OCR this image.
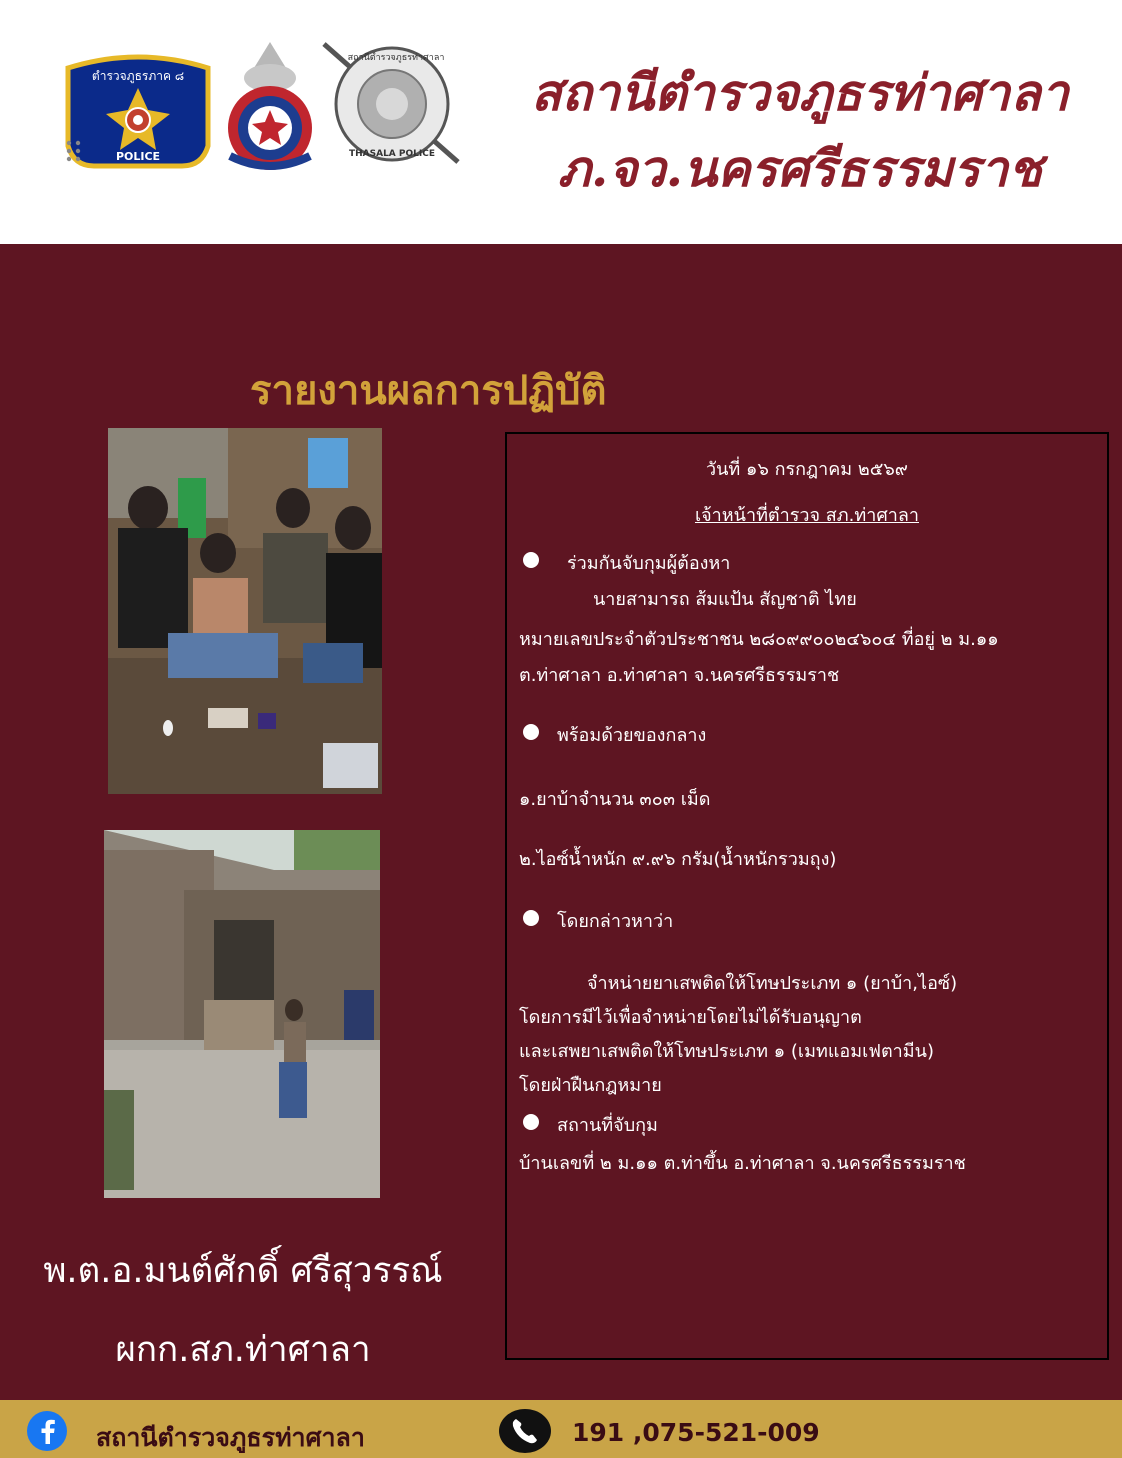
ตำรวจภูธรภาค ๘
POLICE
สถานีตำรวจภูธรท่าศาลา
THASALA POLICE
สถานีตำรวจภูธรท่าศาลา
ภ.จว.นครศรีธรรมราช
รายงานผลการปฏิบัติ
พ.ต.อ.มนต์ศักดิ์ ศรีสุวรรณ์
ผกก.สภ.ท่าศาลา
วันที่ ๑๖ กรกฎาคม ๒๕๖๙
เจ้าหน้าที่ตำรวจ สภ.ท่าศาลา
ร่วมกันจับกุมผู้ต้องหา
นายสามารถ ส้มแป้น สัญชาติ ไทย
หมายเลขประจำตัวประชาชน ๒๘๐๙๙๐๐๒๔๖๐๔ ที่อยู่ ๒ ม.๑๑
ต.ท่าศาลา อ.ท่าศาลา จ.นครศรีธรรมราช
พร้อมด้วยของกลาง
๑.ยาบ้าจำนวน ๓๐๓ เม็ด
๒.ไอซ์น้ำหนัก ๙.๙๖ กรัม(น้ำหนักรวมถุง)
โดยกล่าวหาว่า
จำหน่ายยาเสพติดให้โทษประเภท ๑ (ยาบ้า,ไอซ์)
โดยการมีไว้เพื่อจำหน่ายโดยไม่ได้รับอนุญาต
และเสพยาเสพติดให้โทษประเภท ๑ (เมทแอมเฟตามีน)
โดยฝ่าฝืนกฎหมาย
สถานที่จับกุม
บ้านเลขที่ ๒ ม.๑๑ ต.ท่าขึ้น อ.ท่าศาลา จ.นครศรีธรรมราช
สถานีตำรวจภูธรท่าศาลา	191 ,075-521-009
